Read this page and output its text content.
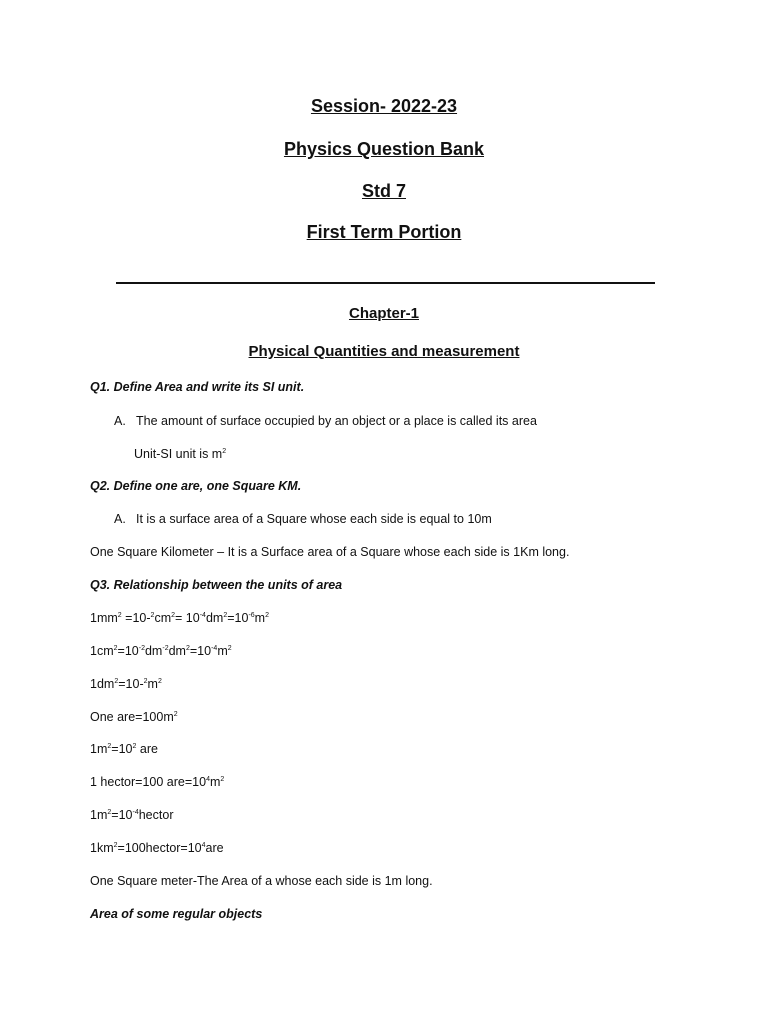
Session- 2022-23
Physics Question Bank
Std 7
First Term Portion
Chapter-1
Physical Quantities and measurement
Q1. Define Area and write its SI unit.
A. The amount of surface occupied by an object or a place is called its area
Unit-SI unit is $m^2$
Q2. Define one are, one Square KM.
A. It is a surface area of a Square whose each side is equal to 10m
One Square Kilometer – It is a Surface area of a Square whose each side is 1Km long.
Q3. Relationship between the units of area
$1mm^2 =10-^2cm^2= 10^{-4}dm^2=10^{-6}m^2$
$1cm^2=10^{-2}dm^{-2}dm^2=10^{-4}m^2$
$1dm^2=10-^2m^2$
One $are=100m^2$
$1m^2=10^2$ are
1 hector=100 $are=10^4m^2$
$1m^2=10^{-4}hector$
$1km^2=100hector=10^4are$
One Square meter-The Area of a whose each side is 1m long.
Area of some regular objects
